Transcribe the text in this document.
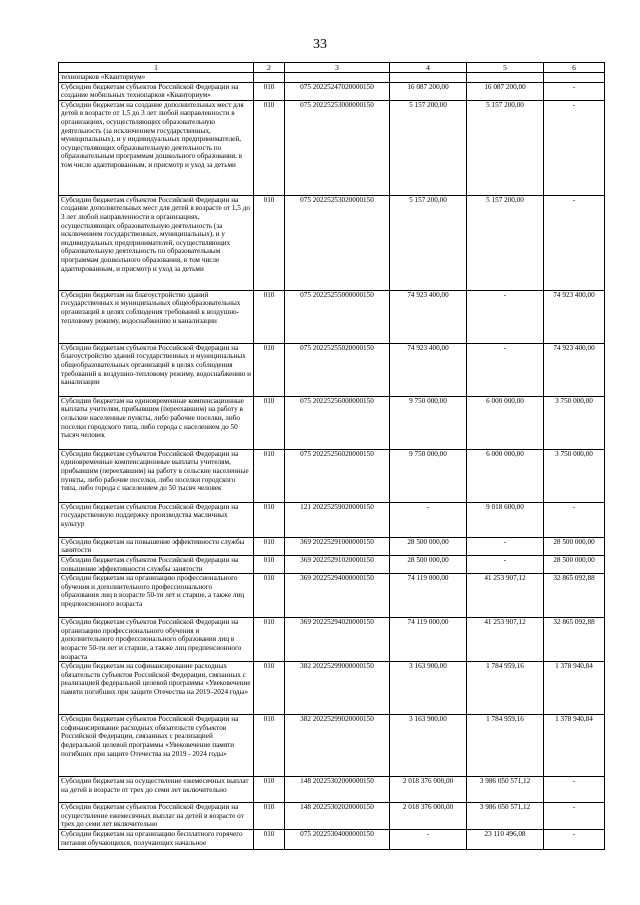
33
1	2	3	4	5	6
технопарков «Кванториум»					
Субсидии бюджетам субъектов Российской Федерации на создание мобильных технопарков «Кванториум»	010	075 20225247020000150	16 087 200,00	16 087 200,00	-
Субсидии бюджетам на создание дополнительных мест для детей в возрасте от 1,5 до 3 лет любой направленности в организациях, осуществляющих образовательную деятельность (за исключением государственных, муниципальных), и у индивидуальных предпринимателей, осуществляющих образовательную деятельность по образовательным программам дошкольного образования, в том числе адаптированным, и присмотр и уход за детьми	010	075 20225253000000150	5 157 200,00	5 157 200,00	-
Субсидии бюджетам субъектов Российской Федерации на создание дополнительных мест для детей в возрасте от 1,5 до 3 лет любой направленности в организациях, осуществляющих образовательную деятельность (за исключением государственных, муниципальных), и у индивидуальных предпринимателей, осуществляющих образовательную деятельность по образовательным программам дошкольного образования, в том числе адаптированным, и присмотр и уход за детьми	010	075 20225253020000150	5 157 200,00	5 157 200,00	-
Субсидии бюджетам на благоустройство зданий государственных и муниципальных общеобразовательных организаций в целях соблюдения требований к воздушно-тепловому режиму, водоснабжению и канализации	010	075 20225255000000150	74 923 400,00	-	74 923 400,00
Субсидии бюджетам субъектов Российской Федерации на благоустройство зданий государственных и муниципальных общеобразовательных организаций в целях соблюдения требований к воздушно-тепловому режиму, водоснабжению и канализации	010	075 20225255020000150	74 923 400,00	-	74 923 400,00
Субсидии бюджетам на единовременные компенсационные выплаты учителям, прибывшим (переехавшим) на работу в сельские населенные пункты, либо рабочие поселки, либо поселки городского типа, либо города с населением до 50 тысяч человек	010	075 20225256000000150	9 750 000,00	6 000 000,00	3 750 000,00
Субсидии бюджетам субъектов Российской Федерации на единовременные компенсационные выплаты учителям, прибывшим (переехавшим) на работу в сельские населенные пункты, либо рабочие поселки, либо поселки городского типа, либо города с населением до 50 тысяч человек	010	075 20225256020000150	9 750 000,00	6 000 000,00	3 750 000,00
Субсидии бюджетам субъектов Российской Федерации на государственную поддержку производства масличных культур	010	121 20225259020000150	-	9 018 600,00	-
Субсидии бюджетам на повышение эффективности службы занятости	010	369 20225291000000150	28 500 000,00	-	28 500 000,00
Субсидии бюджетам субъектов Российской Федерации на повышение эффективности службы занятости	010	369 20225291020000150	28 500 000,00	-	28 500 000,00
Субсидии бюджетам на организацию профессионального обучения и дополнительного профессионального образования лиц в возрасте 50-ти лет и старше, а также лиц предпенсионного возраста	010	369 20225294000000150	74 119 000,00	41 253 907,12	32 865 092,88
Субсидии бюджетам субъектов Российской Федерации на организацию профессионального обучения и дополнительного профессионального образования лиц в возрасте 50-ти лет и старше, а также лиц предпенсионного возраста	010	369 20225294020000150	74 119 000,00	41 253 907,12	32 865 092,88
Субсидии бюджетам на софинансирование расходных обязательств субъектов Российской Федерации, связанных с реализацией федеральной целевой программы «Увековечение памяти погибших при защите Отечества на 2019–2024 годы»	010	382 20225299000000150	3 163 900,00	1 784 959,16	1 378 940,84
Субсидии бюджетам субъектов Российской Федерации на софинансирование расходных обязательств субъектов Российской Федерации, связанных с реализацией федеральной целевой программы «Увековечение памяти погибших при защите Отечества на 2019 - 2024 годы»	010	382 20225299020000150	3 163 900,00	1 784 959,16	1 378 940,84
Субсидии бюджетам на осуществление ежемесячных выплат на детей в возрасте от трех до семи лет включительно	010	148 20225302000000150	2 018 376 000,00	3 986 050 571,12	-
Субсидии бюджетам субъектов Российской Федерации на осуществление ежемесячных выплат на детей в возрасте от трех до семи лет включительно	010	148 20225302020000150	2 018 376 000,00	3 986 050 571,12	-
Субсидии бюджетам на организацию бесплатного горячего питания обучающихся, получающих начальное	010	075 20225304000000150	-	23 110 496,08	-
